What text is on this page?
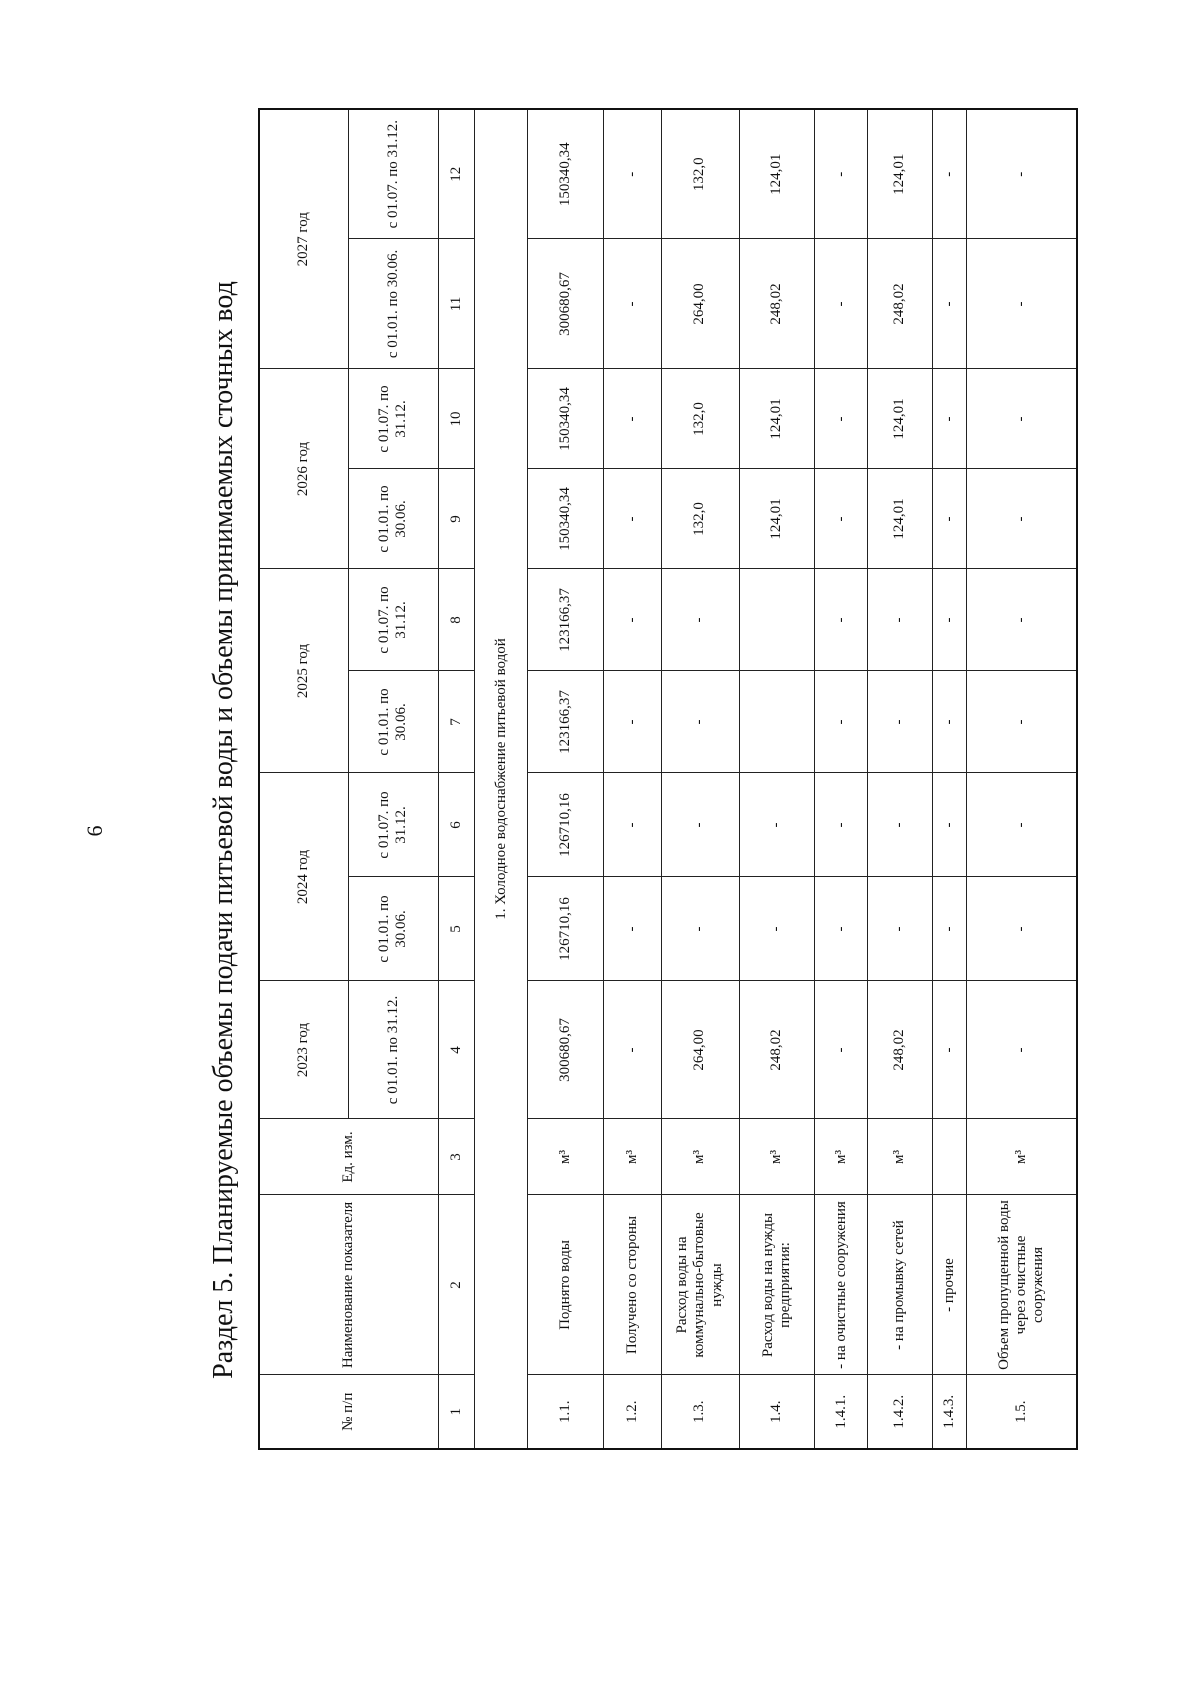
6	Раздел 5. Планируемые объемы подачи питьевой воды и объемы принимаемых сточных вод
№ п/п	Наименование показателя	Ед. изм.	2023 год	2024 год		2025 год		2026 год		2027 год	
			с 01.01. по 31.12.	с 01.01. по 30.06.	с 01.07. по 31.12.	с 01.01. по 30.06.	с 01.07. по 31.12.	с 01.01. по 30.06.	с 01.07. по 31.12.	с 01.01. по 30.06.	с 01.07. по 31.12.
1	2	3	4	5	6	7	8	9	10	11	12
1. Холодное водоснабжение питьевой водой											
1.1.	Поднято воды	м³	300680,67	126710,16	126710,16	123166,37	123166,37	150340,34	150340,34	300680,67	150340,34
1.2.	Получено со стороны	м³	-	-	-	-	-	-	-	-	-
1.3.	Расход воды на коммунально-бытовые нужды	м³	264,00	-	-	-	-	132,0	132,0	264,00	132,0
1.4.	Расход воды на нужды предприятия:	м³	248,02	-	-			124,01	124,01	248,02	124,01
1.4.1.	- на очистные сооружения	м³	-	-	-	-	-	-	-	-	-
1.4.2.	- на промывку сетей	м³	248,02	-	-	-	-	124,01	124,01	248,02	124,01
1.4.3.	- прочие		-	-	-	-	-	-	-	-	-
1.5.	Объем пропущенной воды через очистные сооружения	м³	-	-	-	-	-	-	-	-	-
